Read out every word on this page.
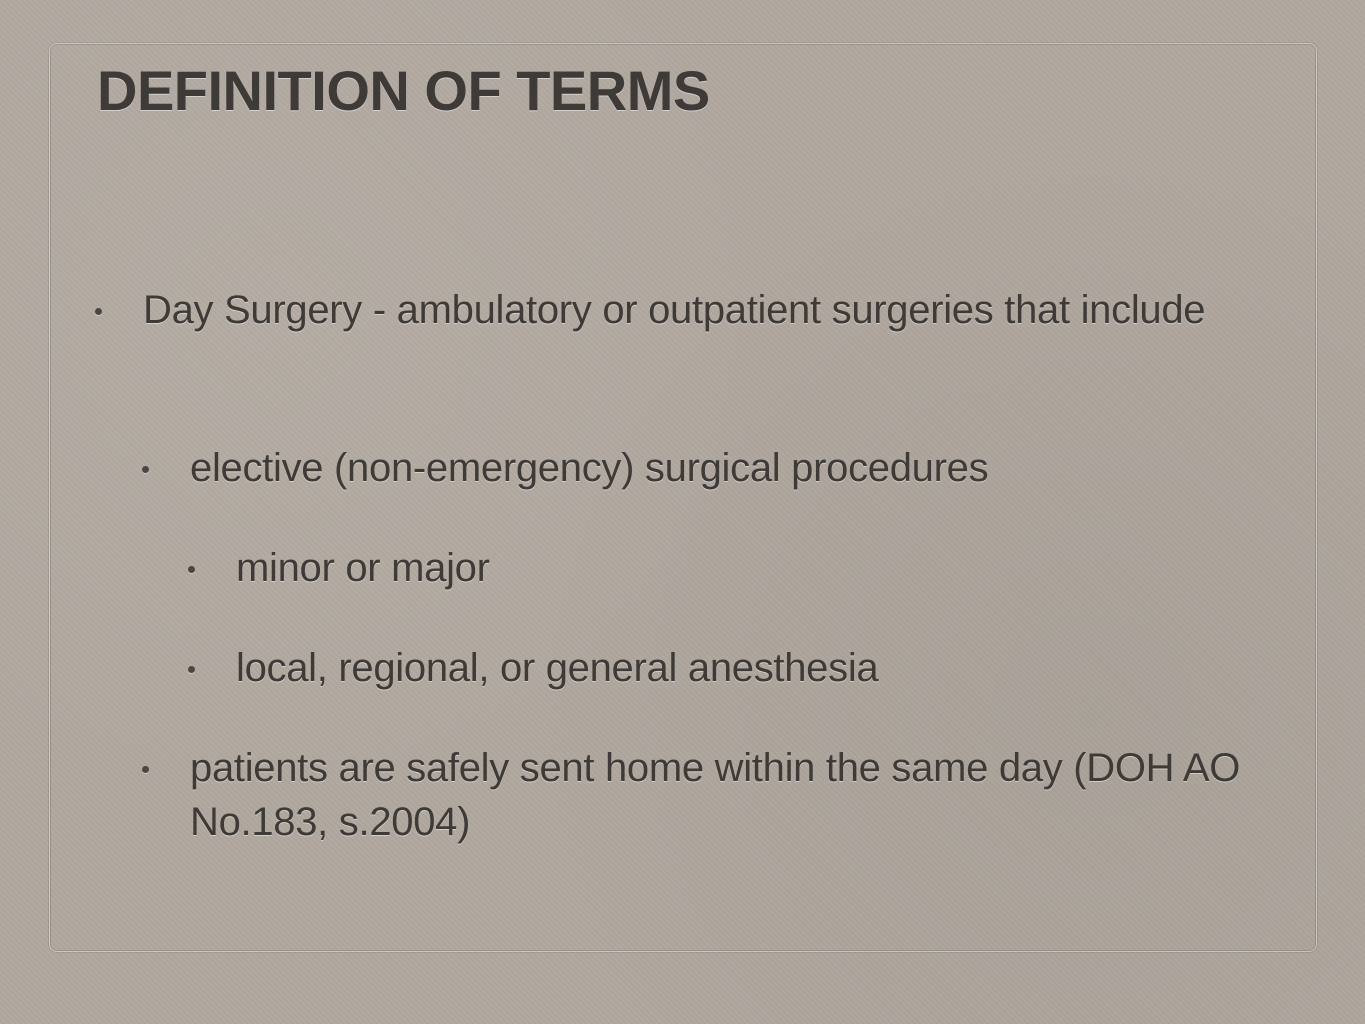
DEFINITION OF TERMS
Day Surgery - ambulatory or outpatient surgeries that include
elective (non-emergency) surgical procedures
minor or major
local, regional, or general anesthesia
patients are safely sent home within the same day (DOH AO No.183, s.2004)
